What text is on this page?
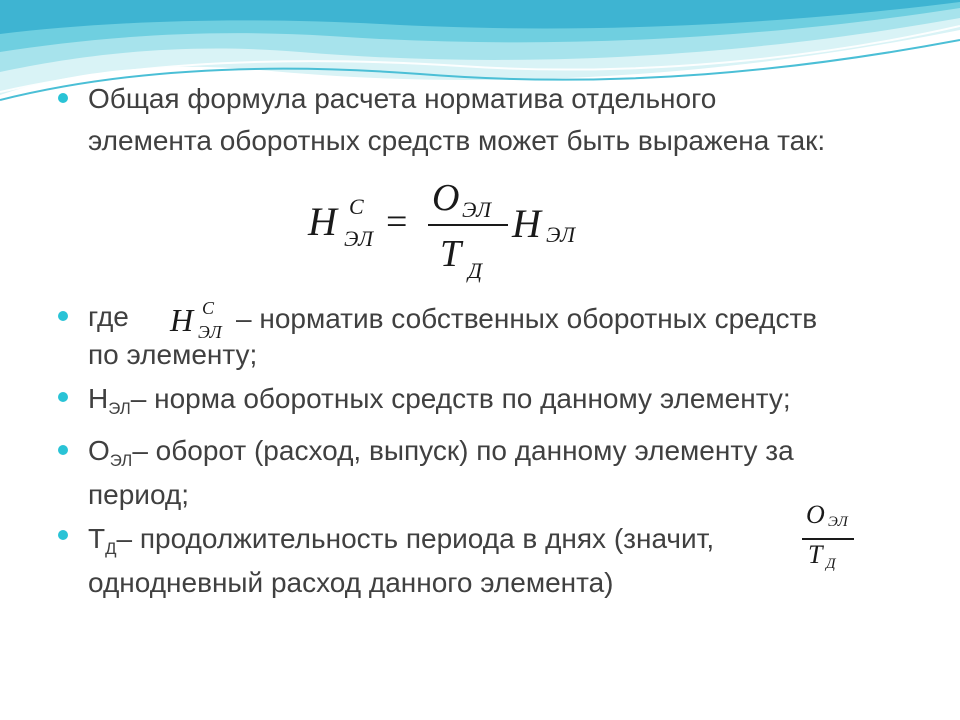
Общая формула расчета норматива отдельного
элемента оборотных средств может быть выражена так:
Н С
ЭЛ =
О ЭЛ
Т Д
Н ЭЛ
где Н С
ЭЛ – норматив собственных оборотных средств
по элементу;
$Н_{ЭЛ}-$ норма оборотных средств по данному элементу;
$О_{ЭЛ}-$ оборот (расход, выпуск) по данному элементу за
период;
$Т_Д-$ продолжительность периода в днях (значит,
О ЭЛ
Т Д
однодневный расход данного элемента)
